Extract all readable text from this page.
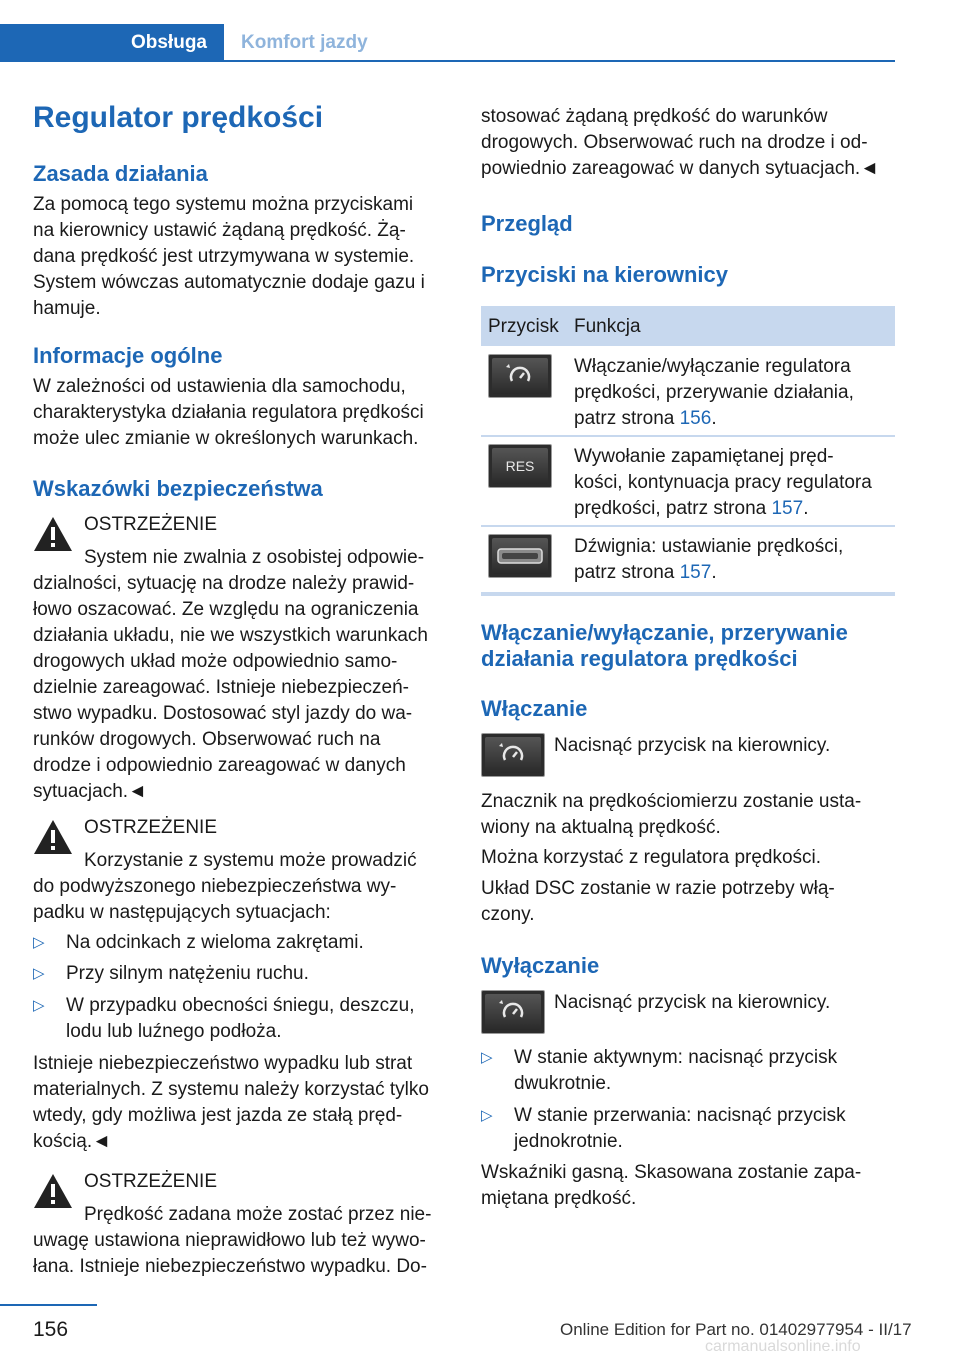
Obsługa	Komfort jazdy
Regulator prędkości
Zasada działania
Za pomocą tego systemu można przyciskami
na kierownicy ustawić żądaną prędkość. Żą-
dana prędkość jest utrzymywana w systemie.
System wówczas automatycznie dodaje gazu i
hamuje.
Informacje ogólne
W zależności od ustawienia dla samochodu,
charakterystyka działania regulatora prędkości
może ulec zmianie w określonych warunkach.
Wskazówki bezpieczeństwa
OSTRZEŻENIE
System nie zwalnia z osobistej odpowie-
dzialności, sytuację na drodze należy prawid-
łowo oszacować. Ze względu na ograniczenia
działania układu, nie we wszystkich warunkach
drogowych układ może odpowiednio samo-
dzielnie zareagować. Istnieje niebezpieczeń-
stwo wypadku. Dostosować styl jazdy do wa-
runków drogowych. Obserwować ruch na
drodze i odpowiednio zareagować w danych
sytuacjach.◄
OSTRZEŻENIE
Korzystanie z systemu może prowadzić
do podwyższonego niebezpieczeństwa wy-
padku w następujących sytuacjach:
▷ Na odcinkach z wieloma zakrętami.
▷ Przy silnym natężeniu ruchu.
▷ W przypadku obecności śniegu, deszczu,
lodu lub luźnego podłoża.
Istnieje niebezpieczeństwo wypadku lub strat
materialnych. Z systemu należy korzystać tylko
wtedy, gdy możliwa jest jazda ze stałą pręd-
kością.◄
OSTRZEŻENIE
Prędkość zadana może zostać przez nie-
uwagę ustawiona nieprawidłowo lub też wywo-
łana. Istnieje niebezpieczeństwo wypadku. Do-
stosować żądaną prędkość do warunków
drogowych. Obserwować ruch na drodze i od-
powiednio zareagować w danych sytuacjach.◄
Przegląd
Przyciski na kierownicy
Przycisk Funkcja
Włączanie/wyłączanie regulatora
prędkości, przerywanie działania,
patrz strona 156.
RES	Wywołanie zapamiętanej pręd-
kości, kontynuacja pracy regulatora
prędkości, patrz strona 157.
Dźwignia: ustawianie prędkości,
patrz strona 157.
Włączanie/wyłączanie, przerywanie
działania regulatora prędkości
Włączanie
Nacisnąć przycisk na kierownicy.
Znacznik na prędkościomierzu zostanie usta-
wiony na aktualną prędkość.
Można korzystać z regulatora prędkości.
Układ DSC zostanie w razie potrzeby włą-
czony.
Wyłączanie
Nacisnąć przycisk na kierownicy.
▷ W stanie aktywnym: nacisnąć przycisk
dwukrotnie.
▷ W stanie przerwania: nacisnąć przycisk
jednokrotnie.
Wskaźniki gasną. Skasowana zostanie zapa-
miętana prędkość.
156	Online Edition for Part no. 01402977954 - II/17
carmanualsonline.info
